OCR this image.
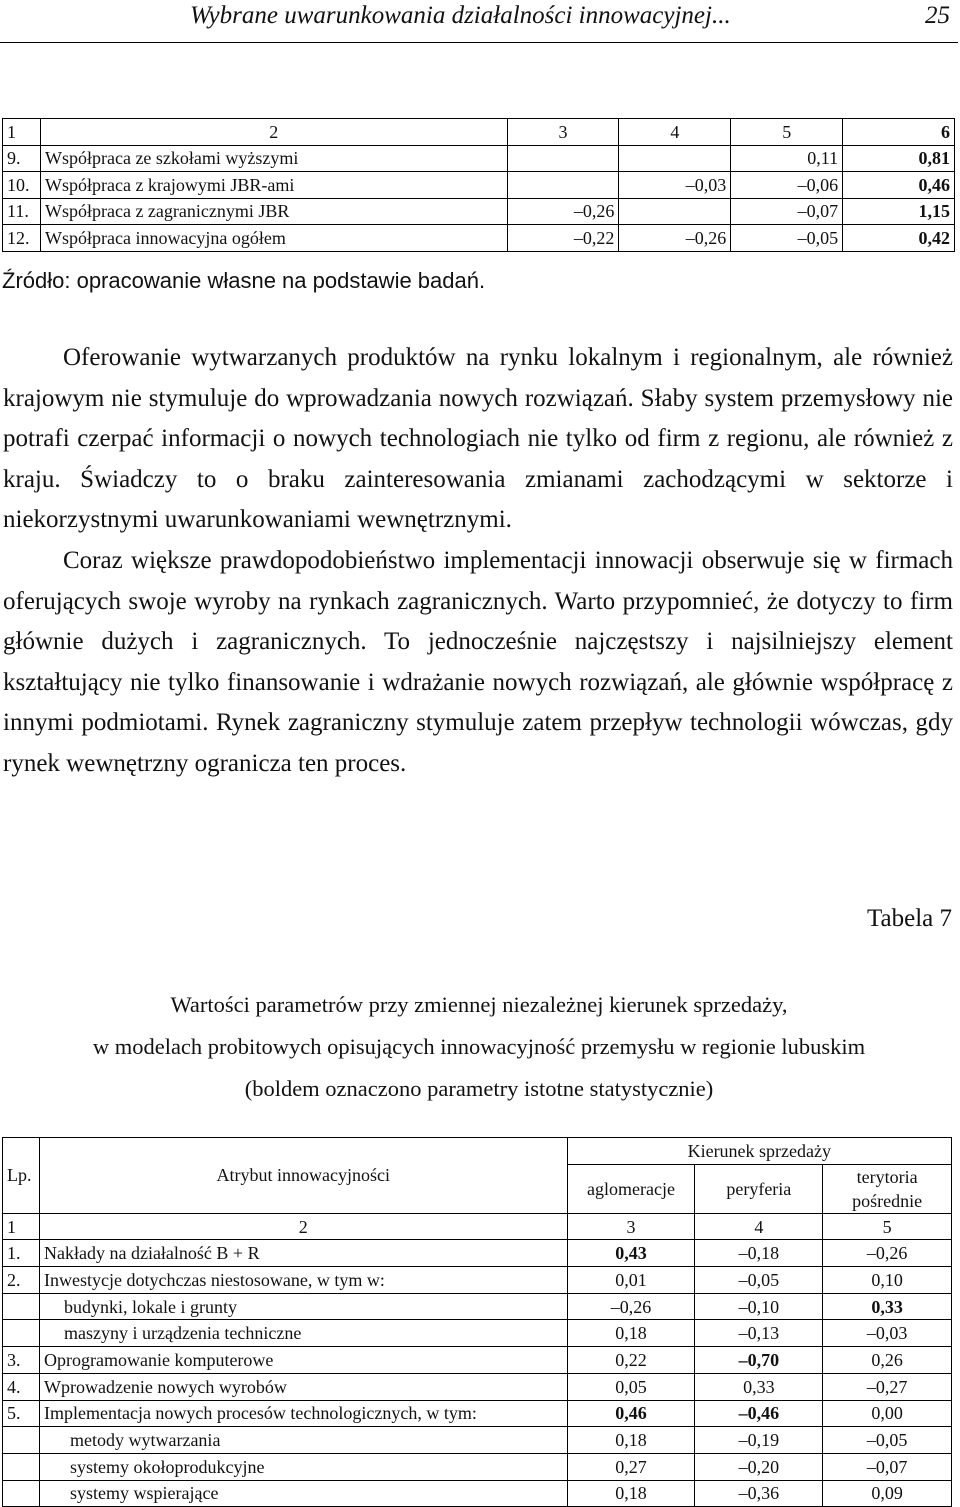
Wybrane uwarunkowania działalności innowacyjnej...	25
1	2	3	4	5	6
9.	Współpraca ze szkołami wyższymi			0,11	0,81
10.	Współpraca z krajowymi JBR-ami		–0,03	–0,06	0,46
11.	Współpraca z zagranicznymi JBR	–0,26		–0,07	1,15
12.	Współpraca innowacyjna ogółem	–0,22	–0,26	–0,05	0,42
Źródło: opracowanie własne na podstawie badań.

Oferowanie wytwarzanych produktów na rynku lokalnym i regionalnym, ale również krajowym nie stymuluje do wprowadzania nowych rozwiązań. Słaby system przemysłowy nie potrafi czerpać informacji o nowych technologiach nie tylko od firm z regionu, ale również z kraju. Świadczy to o braku zainteresowania zmianami zachodzącymi w sektorze i niekorzystnymi uwarunkowaniami wewnętrznymi.

Coraz większe prawdopodobieństwo implementacji innowacji obserwuje się w firmach oferujących swoje wyroby na rynkach zagranicznych. Warto przypomnieć, że dotyczy to firm głównie dużych i zagranicznych. To jednocześnie najczęstszy i najsilniejszy element kształtujący nie tylko finansowanie i wdrażanie nowych rozwiązań, ale głównie współpracę z innymi podmiotami. Rynek zagraniczny stymuluje zatem przepływ technologii wówczas, gdy rynek wewnętrzny ogranicza ten proces.

Tabela 7
Wartości parametrów przy zmiennej niezależnej kierunek sprzedaży,
w modelach probitowych opisujących innowacyjność przemysłu w regionie lubuskim
(boldem oznaczono parametry istotne statystycznie)
Lp.	Atrybut innowacyjności	Kierunek sprzedaży		
		aglomeracje	peryferia	terytoria
pośrednie

1	2	3	4	5
1.	Nakłady na działalność B + R	0,43	–0,18	–0,26
2.	Inwestycje dotychczas niestosowane, w tym w:	0,01	–0,05	0,10
	budynki, lokale i grunty	–0,26	–0,10	0,33
	maszyny i urządzenia techniczne	0,18	–0,13	–0,03
3.	Oprogramowanie komputerowe	0,22	–0,70	0,26
4.	Wprowadzenie nowych wyrobów	0,05	0,33	–0,27
5.	Implementacja nowych procesów technologicznych, w tym:	0,46	–0,46	0,00
	metody wytwarzania	0,18	–0,19	–0,05
	systemy okołoprodukcyjne	0,27	–0,20	–0,07
	systemy wspierające	0,18	–0,36	0,09
